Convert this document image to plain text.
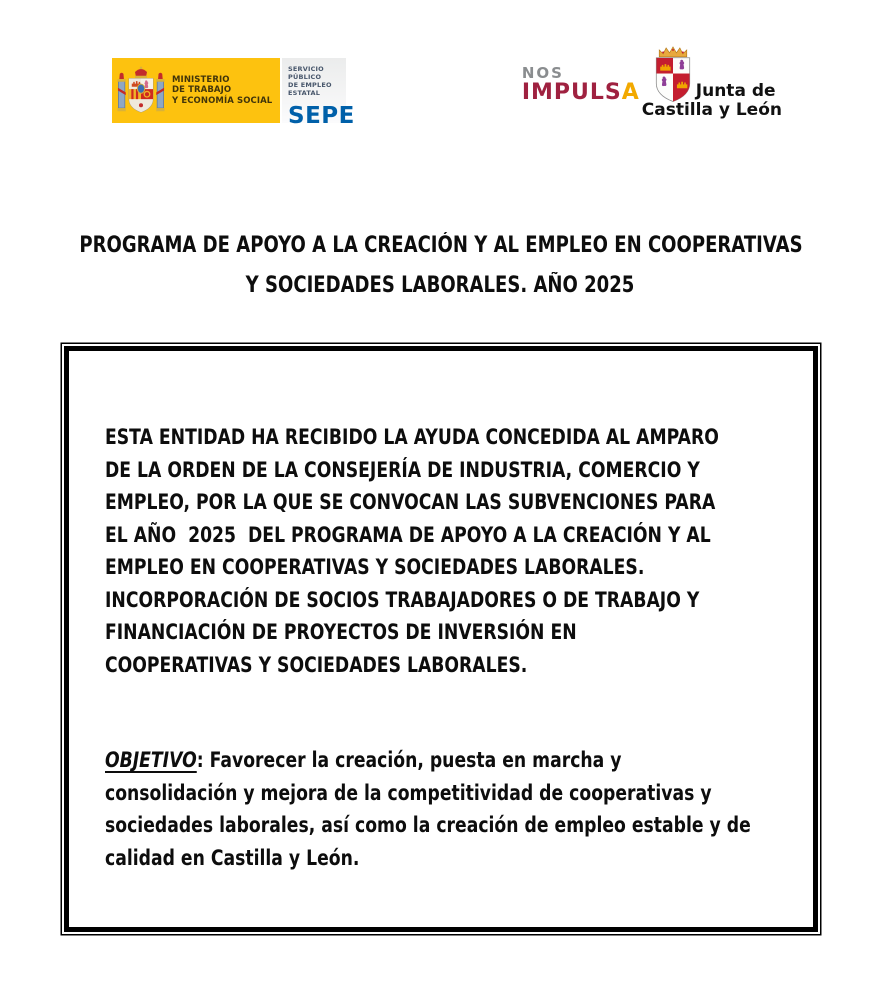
MINISTERIO
DE TRABAJO
Y ECONOMÍA SOCIAL
SERVICIO PÚBLICO
DE EMPLEO ESTATAL
SEPE
NOS
IMPULSA	Junta de
Castilla y León
PROGRAMA DE APOYO A LA CREACIÓN Y AL EMPLEO EN COOPERATIVAS
Y SOCIEDADES LABORALES. AÑO 2025
ESTA ENTIDAD HA RECIBIDO LA AYUDA CONCEDIDA AL AMPARO
DE LA ORDEN DE LA CONSEJERÍA DE INDUSTRIA, COMERCIO Y
EMPLEO, POR LA QUE SE CONVOCAN LAS SUBVENCIONES PARA
EL AÑO  2025  DEL PROGRAMA DE APOYO A LA CREACIÓN Y AL
EMPLEO EN COOPERATIVAS Y SOCIEDADES LABORALES.
INCORPORACIÓN DE SOCIOS TRABAJADORES O DE TRABAJO Y
FINANCIACIÓN DE PROYECTOS DE INVERSIÓN EN
COOPERATIVAS Y SOCIEDADES LABORALES.
OBJETIVO: Favorecer la creación, puesta en marcha y
consolidación y mejora de la competitividad de cooperativas y
sociedades laborales, así como la creación de empleo estable y de
calidad en Castilla y León.
